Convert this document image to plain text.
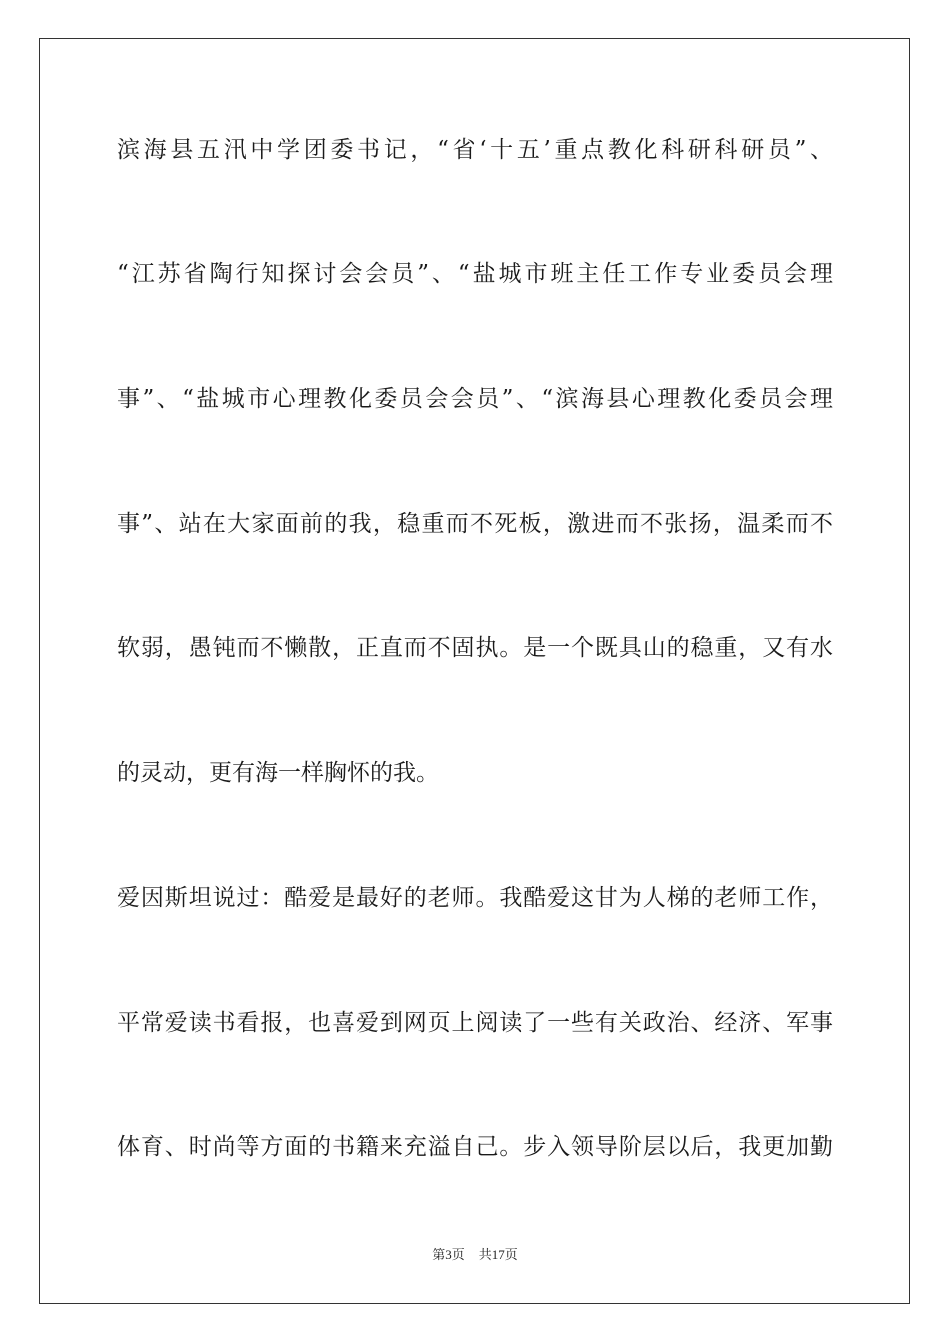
滨海县五汛中学团委书记，“省‘十五’重点教化科研科研员”、
“江苏省陶行知探讨会会员”、“盐城市班主任工作专业委员会理
事”、“盐城市心理教化委员会会员”、“滨海县心理教化委员会理
事”、站在大家面前的我，稳重而不死板，激进而不张扬，温柔而不
软弱，愚钝而不懒散，正直而不固执。是一个既具山的稳重，又有水
的灵动，更有海一样胸怀的我。
爱因斯坦说过：酷爱是最好的老师。我酷爱这甘为人梯的老师工作，
平常爱读书看报，也喜爱到网页上阅读了一些有关政治、经济、军事
体育、时尚等方面的书籍来充溢自己。步入领导阶层以后，我更加勤
第3页 共17页
